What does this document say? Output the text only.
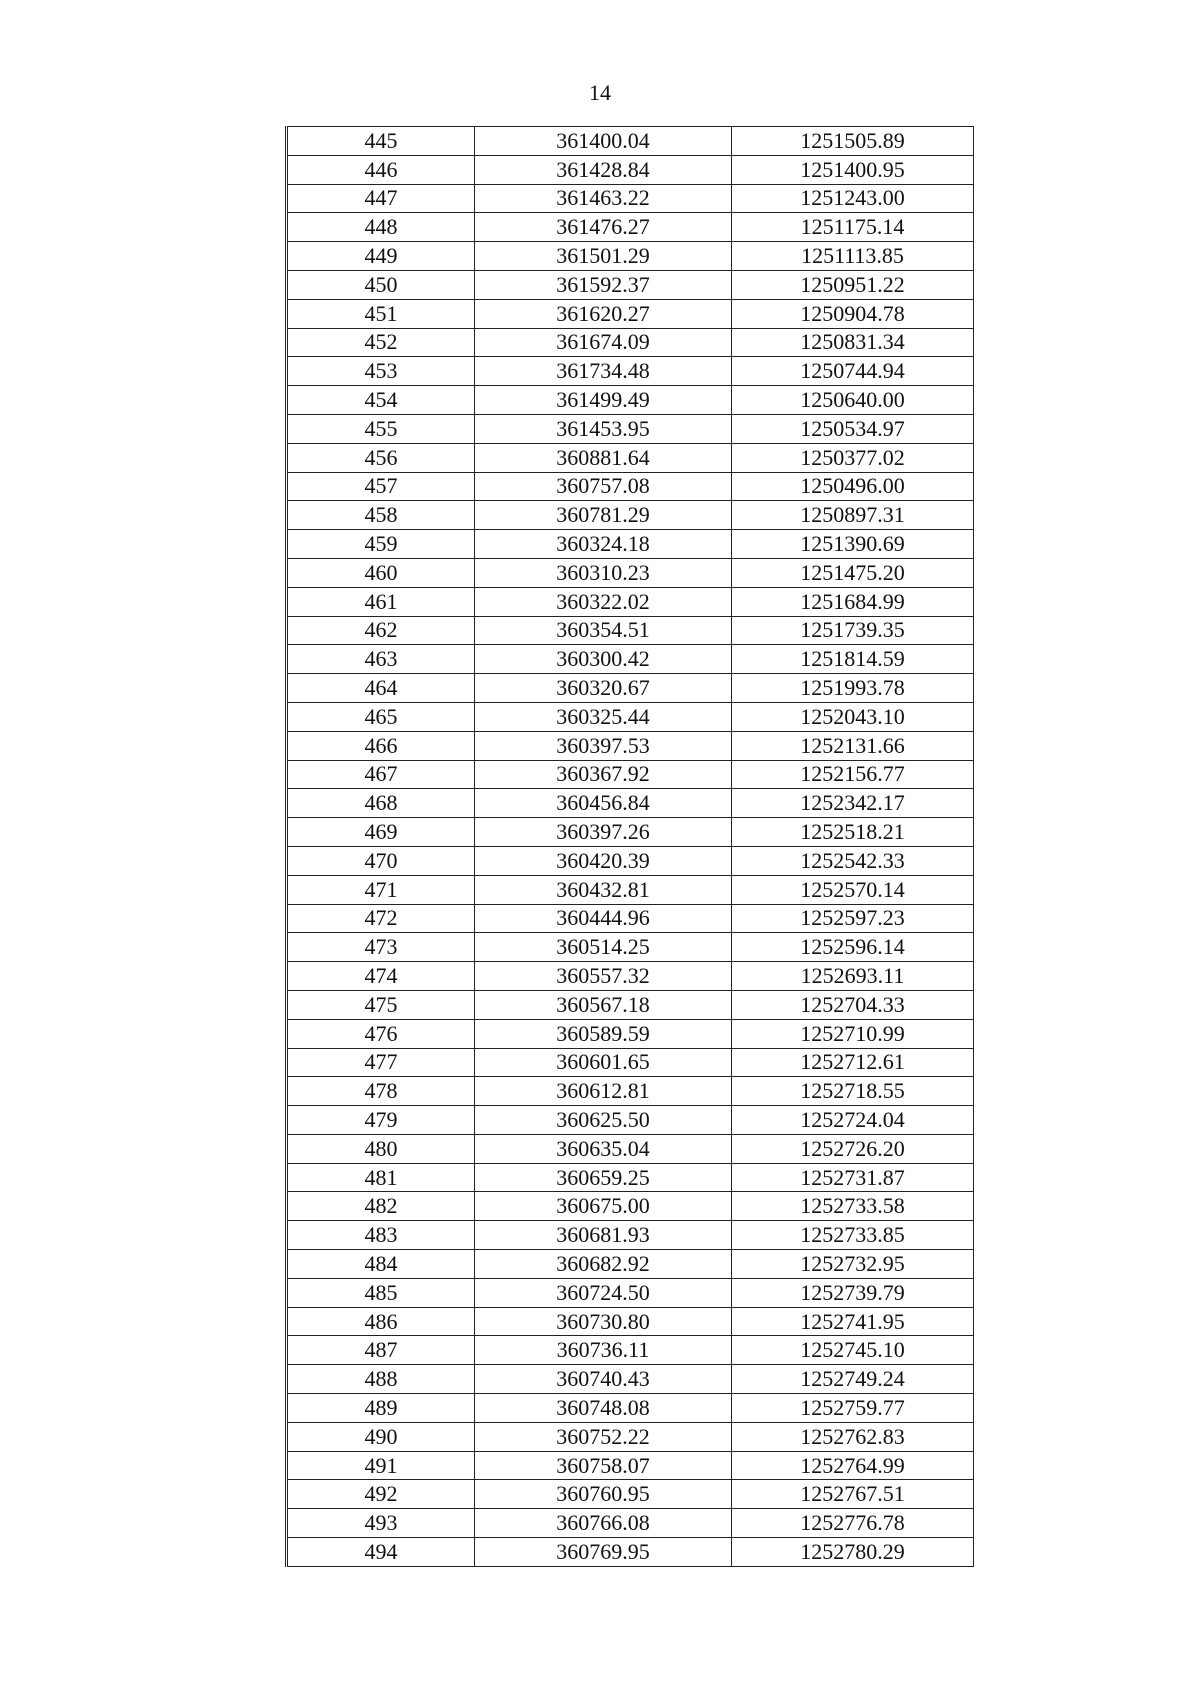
14
445	361400.04	1251505.89
446	361428.84	1251400.95
447	361463.22	1251243.00
448	361476.27	1251175.14
449	361501.29	1251113.85
450	361592.37	1250951.22
451	361620.27	1250904.78
452	361674.09	1250831.34
453	361734.48	1250744.94
454	361499.49	1250640.00
455	361453.95	1250534.97
456	360881.64	1250377.02
457	360757.08	1250496.00
458	360781.29	1250897.31
459	360324.18	1251390.69
460	360310.23	1251475.20
461	360322.02	1251684.99
462	360354.51	1251739.35
463	360300.42	1251814.59
464	360320.67	1251993.78
465	360325.44	1252043.10
466	360397.53	1252131.66
467	360367.92	1252156.77
468	360456.84	1252342.17
469	360397.26	1252518.21
470	360420.39	1252542.33
471	360432.81	1252570.14
472	360444.96	1252597.23
473	360514.25	1252596.14
474	360557.32	1252693.11
475	360567.18	1252704.33
476	360589.59	1252710.99
477	360601.65	1252712.61
478	360612.81	1252718.55
479	360625.50	1252724.04
480	360635.04	1252726.20
481	360659.25	1252731.87
482	360675.00	1252733.58
483	360681.93	1252733.85
484	360682.92	1252732.95
485	360724.50	1252739.79
486	360730.80	1252741.95
487	360736.11	1252745.10
488	360740.43	1252749.24
489	360748.08	1252759.77
490	360752.22	1252762.83
491	360758.07	1252764.99
492	360760.95	1252767.51
493	360766.08	1252776.78
494	360769.95	1252780.29
